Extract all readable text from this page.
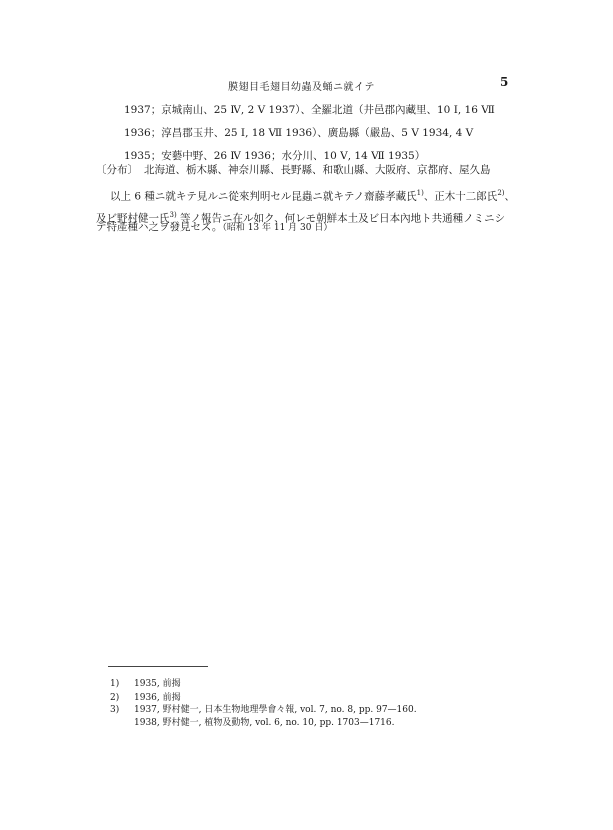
膜翅目毛翅目幼蟲及蛹ニ就イテ	5
1937；京城南山、25 Ⅳ, 2 Ⅴ 1937）、全羅北道（井邑郡內藏里、10 Ⅰ, 16 Ⅶ
1936；淳昌郡玉井、25 Ⅰ, 18 Ⅶ 1936）、廣島縣（嚴島、5 Ⅴ 1934, 4 Ⅴ
1935；安藝中野、26 Ⅳ 1936；水分川、10 Ⅴ, 14 Ⅶ 1935）
〔分布〕 北海道、栃木縣、神奈川縣、長野縣、和歌山縣、大阪府、京都府、屋久島
以上 6 種ニ就キテ見ルニ從來判明セル昆蟲ニ就キテノ齋藤孝藏氏$^{1)}$、正木十二郎氏$^{2)}$、
及ビ野村健一氏$^{3)}$ 等ノ報告ニ在ル如ク、何レモ朝鮮本土及ビ日本內地ト共通種ノミニシ
テ特產種ハ之ヲ發見セズ。（昭和 13 年 11 月 30 日）
1) 1935, 前揭
2) 1936, 前揭
3) 1937, 野村健一, 日本生物地理學會々報, vol. 7, no. 8, pp. 97—160.
1938, 野村健一, 植物及動物, vol. 6, no. 10, pp. 1703—1716.
